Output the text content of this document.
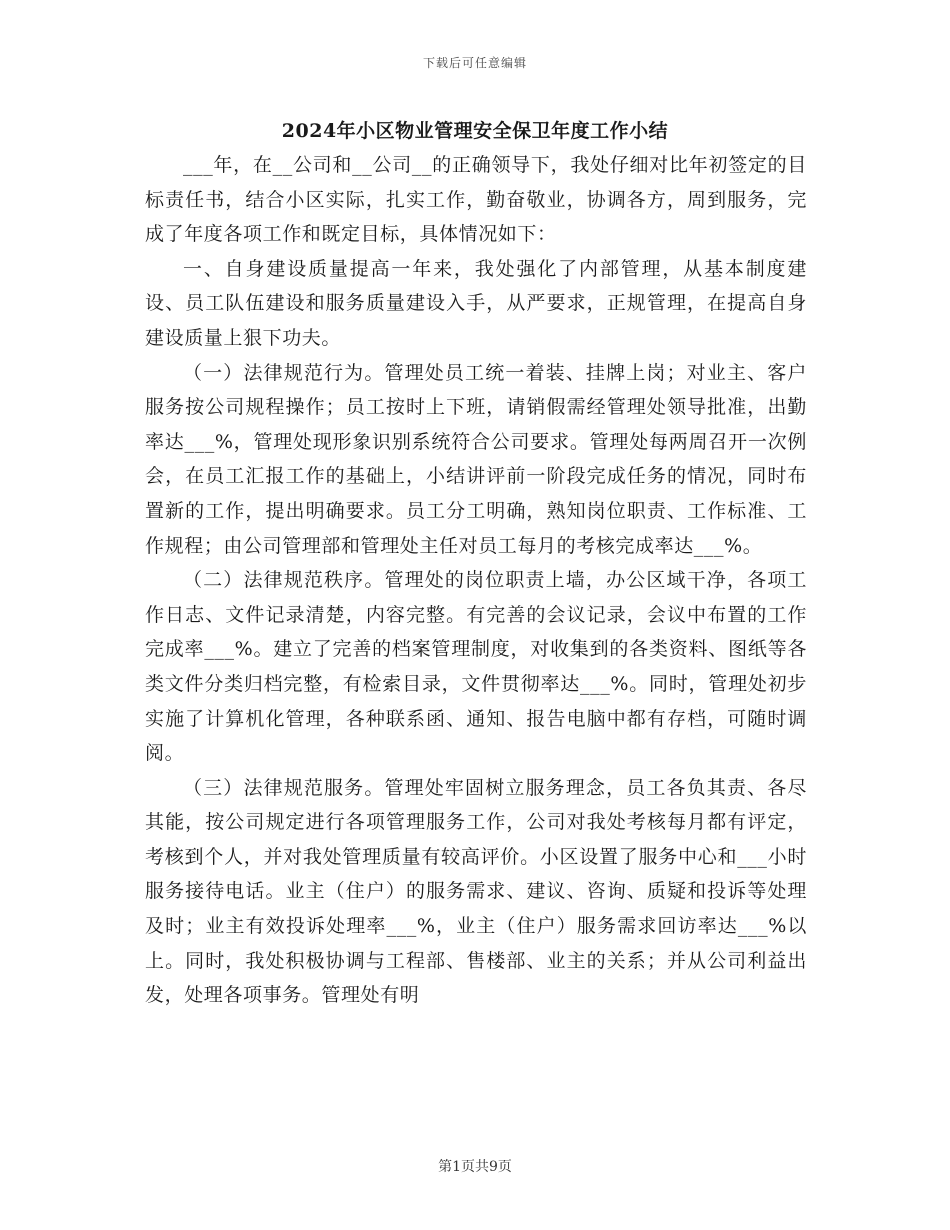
下载后可任意编辑
2024年小区物业管理安全保卫年度工作小结

___年，在__公司和__公司__的正确领导下，我处仔细对比年初签定的目标责任书，结合小区实际，扎实工作，勤奋敬业，协调各方，周到服务，完成了年度各项工作和既定目标，具体情况如下：

一、自身建设质量提高一年来，我处强化了内部管理，从基本制度建设、员工队伍建设和服务质量建设入手，从严要求，正规管理，在提高自身建设质量上狠下功夫。

（一）法律规范行为。管理处员工统一着装、挂牌上岗；对业主、客户服务按公司规程操作；员工按时上下班，请销假需经管理处领导批准，出勤率达___%，管理处现形象识别系统符合公司要求。管理处每两周召开一次例会，在员工汇报工作的基础上，小结讲评前一阶段完成任务的情况，同时布置新的工作，提出明确要求。员工分工明确，熟知岗位职责、工作标准、工作规程；由公司管理部和管理处主任对员工每月的考核完成率达___%。

（二）法律规范秩序。管理处的岗位职责上墙，办公区域干净，各项工作日志、文件记录清楚，内容完整。有完善的会议记录，会议中布置的工作完成率___%。建立了完善的档案管理制度，对收集到的各类资料、图纸等各类文件分类归档完整，有检索目录，文件贯彻率达___%。同时，管理处初步实施了计算机化管理，各种联系函、通知、报告电脑中都有存档，可随时调阅。

（三）法律规范服务。管理处牢固树立服务理念，员工各负其责、各尽其能，按公司规定进行各项管理服务工作，公司对我处考核每月都有评定，考核到个人，并对我处管理质量有较高评价。小区设置了服务中心和___小时服务接待电话。业主（住户）的服务需求、建议、咨询、质疑和投诉等处理及时；业主有效投诉处理率___%，业主（住户）服务需求回访率达___%以上。同时，我处积极协调与工程部、售楼部、业主的关系；并从公司利益出发，处理各项事务。管理处有明

第1页共9页
